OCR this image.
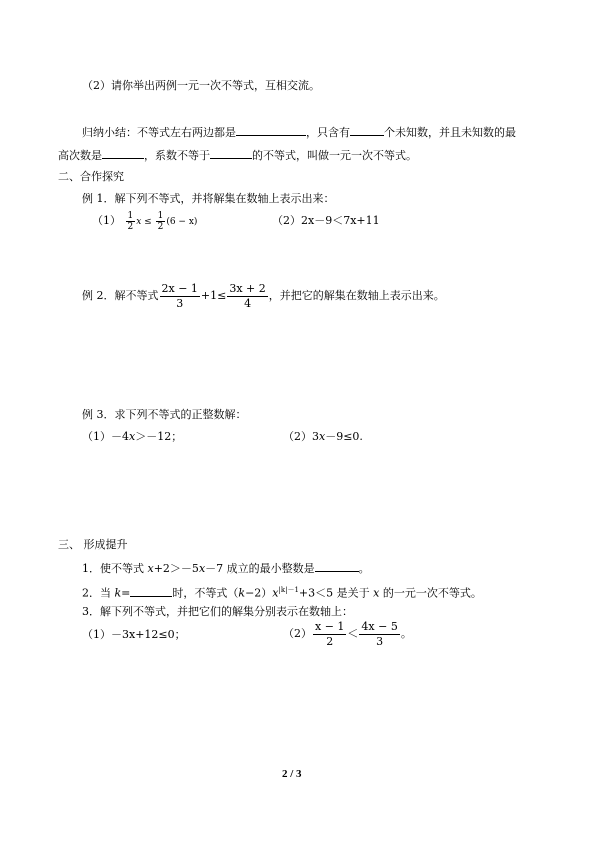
（2）请你举出两例一元一次不等式，互相交流。
归纳小结：不等式左右两边都是	，只含有	个未知数，并且未知数的最
高次数是	，系数不等于	的不等式，叫做一元一次不等式。
二、合作探究
例 1．解下列不等式，并将解集在数轴上表示出来：
$(1) \frac{1}{2}$ $x \le \frac{1}{2} (6 - x)$	（2）2x－9＜7x+11
例 2．解不等式 $\frac{2x - 1}{3} +1\le \frac{3x + 2}{4}$ ，并把它的解集在数轴上表示出来。
例 3．求下列不等式的正整数解：
（1）－4x＞－12；	（2）3x－9≤0.
三、 形成提升
1．使不等式 x+2＞－5x－7 成立的最小整数是	。
2．当 k=	时，不等式$(k-2)x^{|k|-1}+3<5$ 是关于 x 的一元一次不等式。
3．解下列不等式，并把它们的解集分别表示在数轴上：
（1）－3x+12≤0；	$(2) \frac{x - 1}{2} < \frac{4x - 5}{3}$ 。
2 / 3
